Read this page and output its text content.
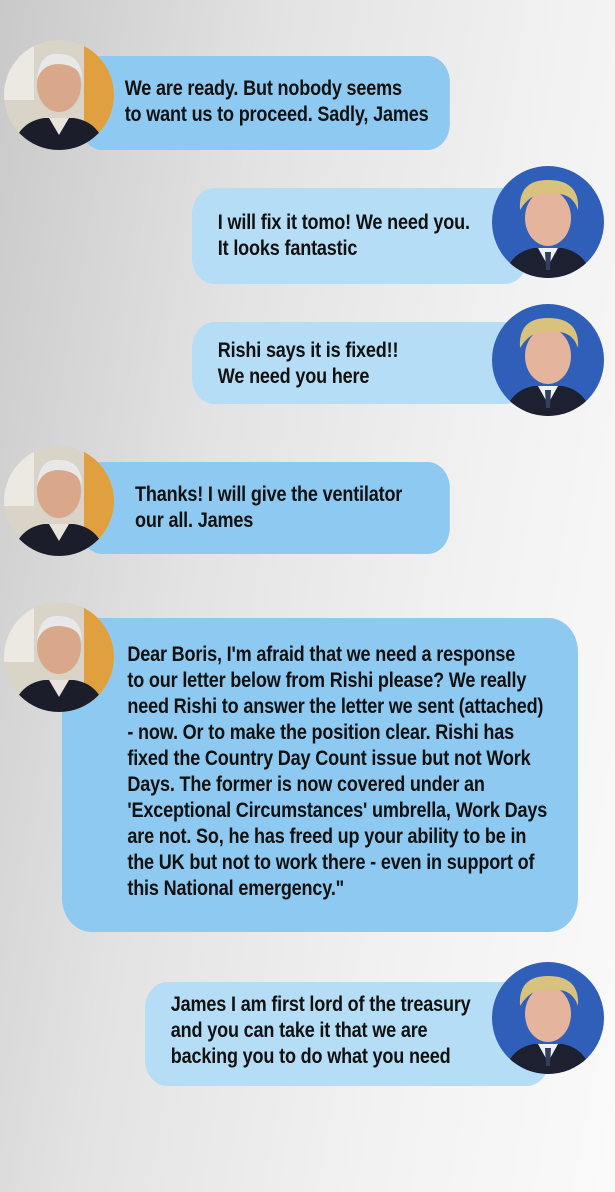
We are ready. But nobody seems
to want us to proceed. Sadly, James
I will fix it tomo! We need you.
It looks fantastic
Rishi says it is fixed!!
We need you here
Thanks! I will give the ventilator
our all. James
Dear Boris, I'm afraid that we need a response
to our letter below from Rishi please? We really
need Rishi to answer the letter we sent (attached)
- now. Or to make the position clear. Rishi has
fixed the Country Day Count issue but not Work
Days. The former is now covered under an
'Exceptional Circumstances' umbrella, Work Days
are not. So, he has freed up your ability to be in
the UK but not to work there - even in support of
this National emergency."
James I am first lord of the treasury
and you can take it that we are
backing you to do what you need
